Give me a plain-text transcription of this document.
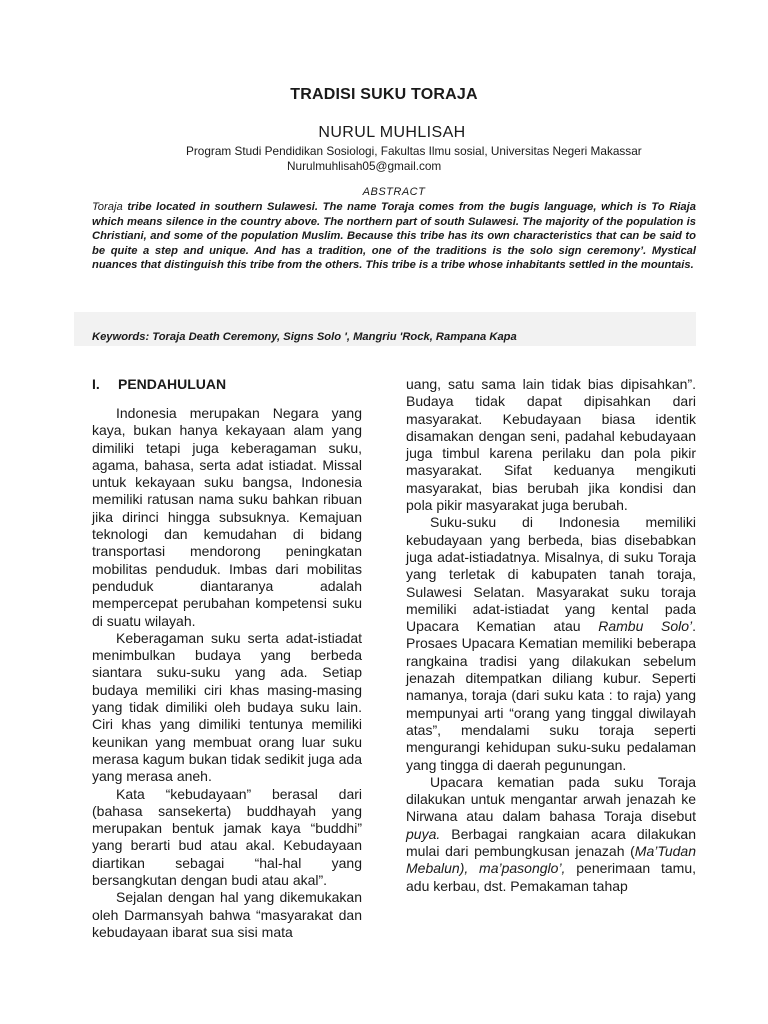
TRADISI SUKU TORAJA
NURUL MUHLISAH
Program Studi Pendidikan Sosiologi, Fakultas Ilmu sosial, Universitas Negeri Makassar
Nurulmuhlisah05@gmail.com
ABSTRACT
Toraja tribe located in southern Sulawesi. The name Toraja comes from the bugis language, which is To Riaja which means silence in the country above. The northern part of south Sulawesi. The majority of the population is Christiani, and some of the population Muslim. Because this tribe has its own characteristics that can be said to be quite a step and unique. And has a tradition, one of the traditions is the solo sign ceremony’. Mystical nuances that distinguish this tribe from the others. This tribe is a tribe whose inhabitants settled in the mountais.
Keywords: Toraja Death Ceremony, Signs Solo ', Mangriu 'Rock, Rampana Kapa
I. PENDAHULUAN

Indonesia merupakan Negara yang kaya, bukan hanya kekayaan alam yang dimiliki tetapi juga keberagaman suku, agama, bahasa, serta adat istiadat. Missal untuk kekayaan suku bangsa, Indonesia memiliki ratusan nama suku bahkan ribuan jika dirinci hingga subsuknya. Kemajuan teknologi dan kemudahan di bidang transportasi mendorong peningkatan mobilitas penduduk. Imbas dari mobilitas penduduk diantaranya adalah mempercepat perubahan kompetensi suku di suatu wilayah.

Keberagaman suku serta adat-istiadat menimbulkan budaya yang berbeda siantara suku-suku yang ada. Setiap budaya memiliki ciri khas masing-masing yang tidak dimiliki oleh budaya suku lain. Ciri khas yang dimiliki tentunya memiliki keunikan yang membuat orang luar suku merasa kagum bukan tidak sedikit juga ada yang merasa aneh.

Kata “kebudayaan” berasal dari (bahasa sansekerta) buddhayah yang merupakan bentuk jamak kaya “buddhi” yang berarti bud atau akal. Kebudayaan diartikan sebagai “hal-hal yang bersangkutan dengan budi atau akal”.

Sejalan dengan hal yang dikemukakan oleh Darmansyah bahwa “masyarakat dan kebudayaan ibarat sua sisi mata

uang, satu sama lain tidak bias dipisahkan”. Budaya tidak dapat dipisahkan dari masyarakat. Kebudayaan biasa identik disamakan dengan seni, padahal kebudayaan juga timbul karena perilaku dan pola pikir masyarakat. Sifat keduanya mengikuti masyarakat, bias berubah jika kondisi dan pola pikir masyarakat juga berubah.

Suku-suku di Indonesia memiliki kebudayaan yang berbeda, bias disebabkan juga adat-istiadatnya. Misalnya, di suku Toraja yang terletak di kabupaten tanah toraja, Sulawesi Selatan. Masyarakat suku toraja memiliki adat-istiadat yang kental pada Upacara Kematian atau Rambu Solo’. Prosaes Upacara Kematian memiliki beberapa rangkaina tradisi yang dilakukan sebelum jenazah ditempatkan diliang kubur. Seperti namanya, toraja (dari suku kata : to raja) yang mempunyai arti “orang yang tinggal diwilayah atas”, mendalami suku toraja seperti mengurangi kehidupan suku-suku pedalaman yang tingga di daerah pegunungan.

Upacara kematian pada suku Toraja dilakukan untuk mengantar arwah jenazah ke Nirwana atau dalam bahasa Toraja disebut puya. Berbagai rangkaian acara dilakukan mulai dari pembungkusan jenazah (Ma’Tudan Mebalun), ma’pasonglo’, penerimaan tamu, adu kerbau, dst. Pemakaman tahap
